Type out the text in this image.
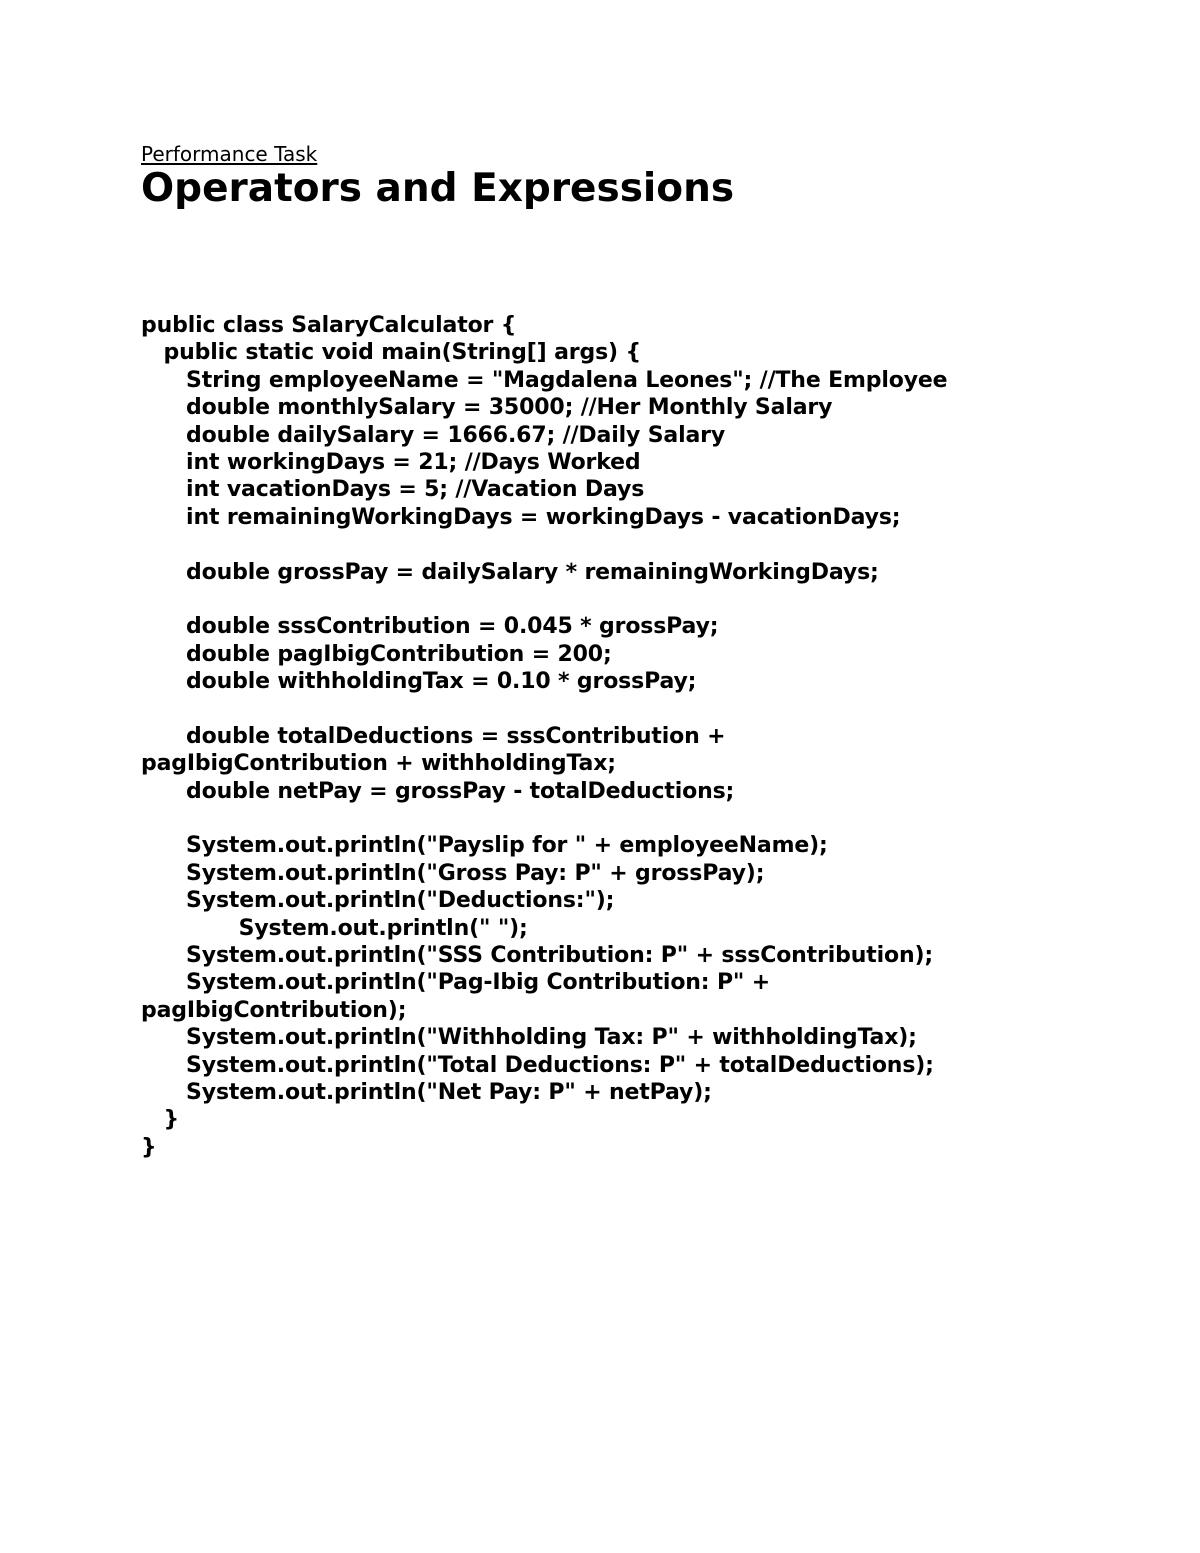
Performance Task
Operators and Expressions
public class SalaryCalculator {
public static void main(String[] args) {
String employeeName = "Magdalena Leones"; //The Employee
double monthlySalary = 35000; //Her Monthly Salary
double dailySalary = 1666.67; //Daily Salary
int workingDays = 21; //Days Worked
int vacationDays = 5; //Vacation Days
int remainingWorkingDays = workingDays - vacationDays;
double grossPay = dailySalary * remainingWorkingDays;
double sssContribution = 0.045 * grossPay;
double pagIbigContribution = 200;
double withholdingTax = 0.10 * grossPay;
double totalDeductions = sssContribution +
pagIbigContribution + withholdingTax;
double netPay = grossPay - totalDeductions;
System.out.println("Payslip for " + employeeName);
System.out.println("Gross Pay: P" + grossPay);
System.out.println("Deductions:");
System.out.println(" ");
System.out.println("SSS Contribution: P" + sssContribution);
System.out.println("Pag-Ibig Contribution: P" +
pagIbigContribution);
System.out.println("Withholding Tax: P" + withholdingTax);
System.out.println("Total Deductions: P" + totalDeductions);
System.out.println("Net Pay: P" + netPay);
}
}
